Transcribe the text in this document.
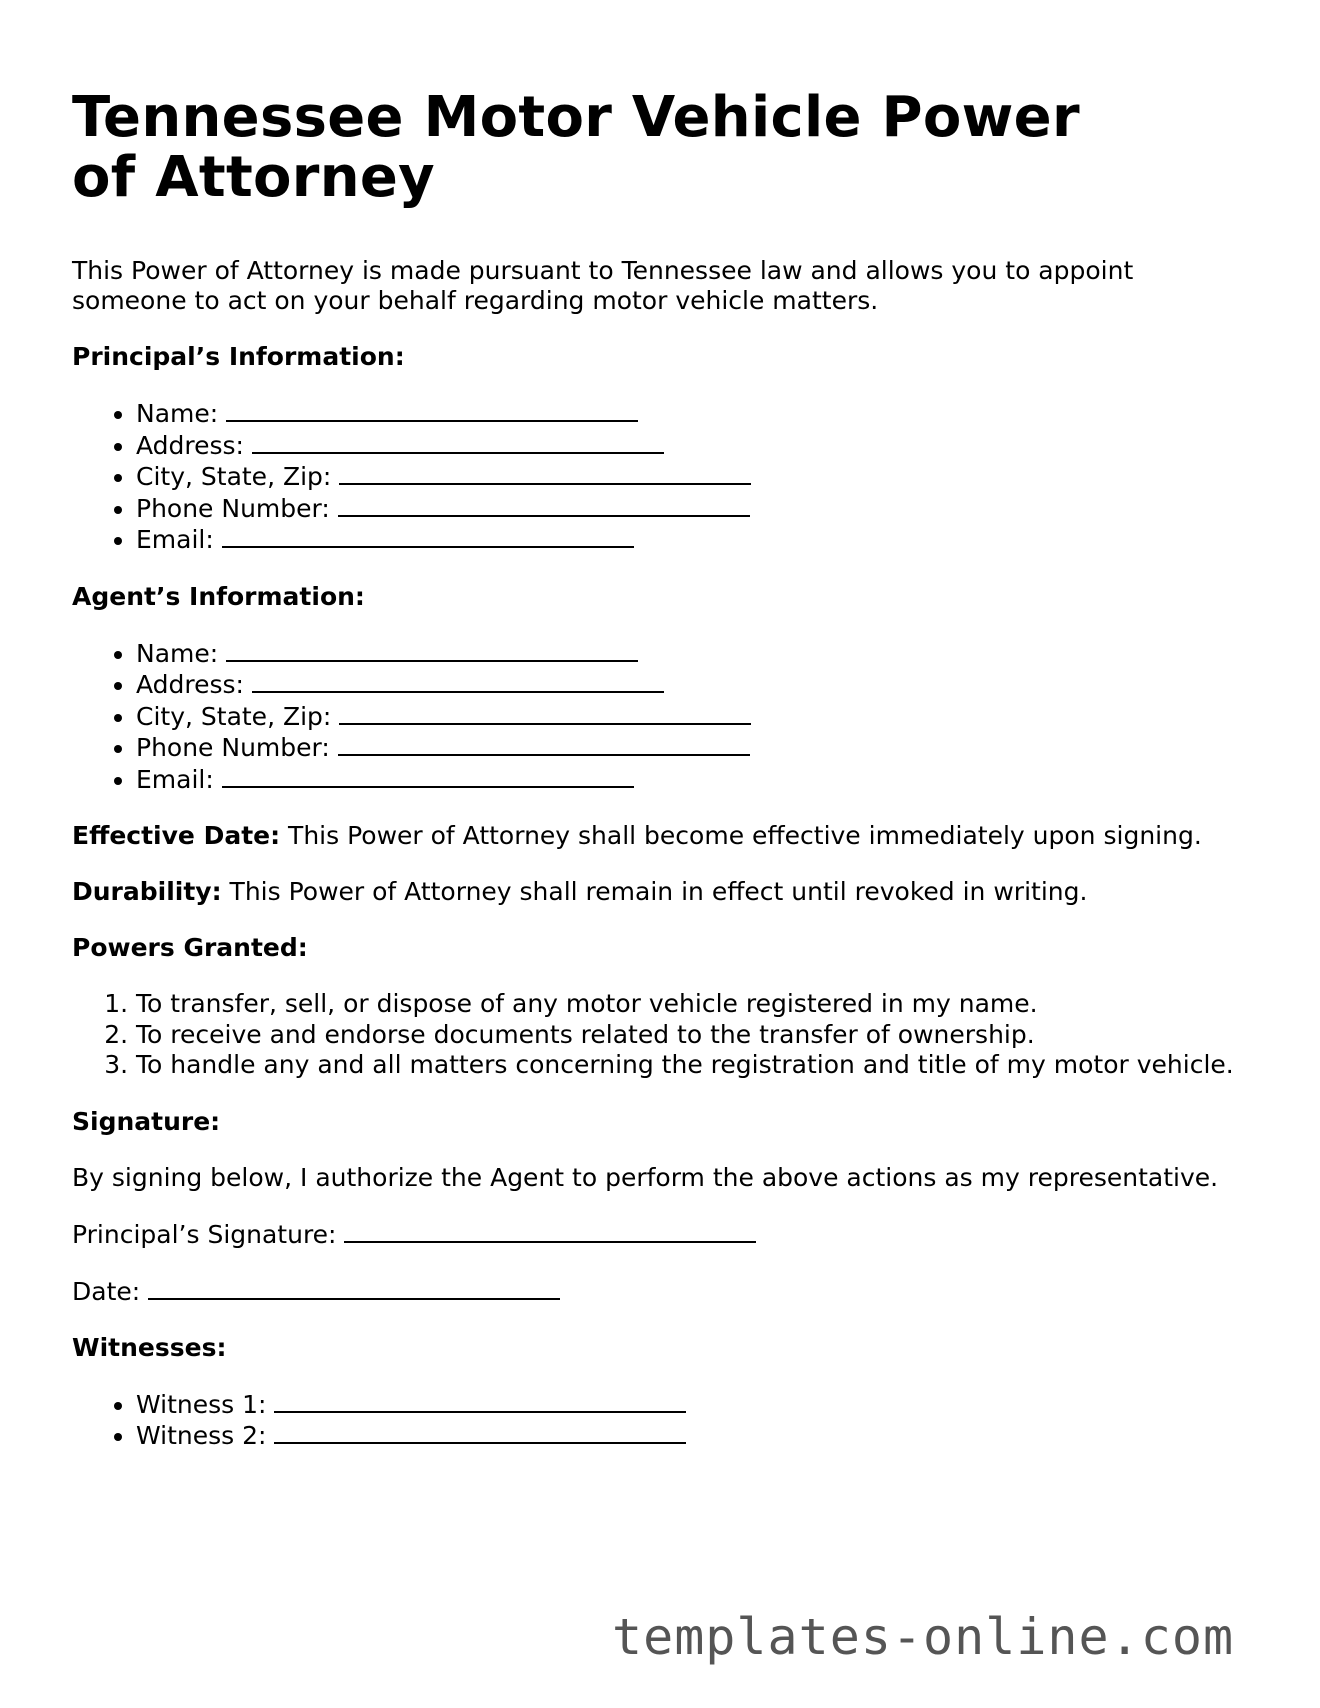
Tennessee Motor Vehicle Power of Attorney

This Power of Attorney is made pursuant to Tennessee law and allows you to appoint someone to act on your behalf regarding motor vehicle matters.

Principal’s Information:

• Name:
• Address:
• City, State, Zip:
• Phone Number:
• Email:

Agent’s Information:

• Name:
• Address:
• City, State, Zip:
• Phone Number:
• Email:

Effective Date: This Power of Attorney shall become effective immediately upon signing.

Durability: This Power of Attorney shall remain in effect until revoked in writing.

Powers Granted:

1. To transfer, sell, or dispose of any motor vehicle registered in my name.
2. To receive and endorse documents related to the transfer of ownership.
3. To handle any and all matters concerning the registration and title of my motor vehicle.

Signature:

By signing below, I authorize the Agent to perform the above actions as my representative.

Principal’s Signature:

Date:

Witnesses:

• Witness 1:
• Witness 2:
templates-online.com
